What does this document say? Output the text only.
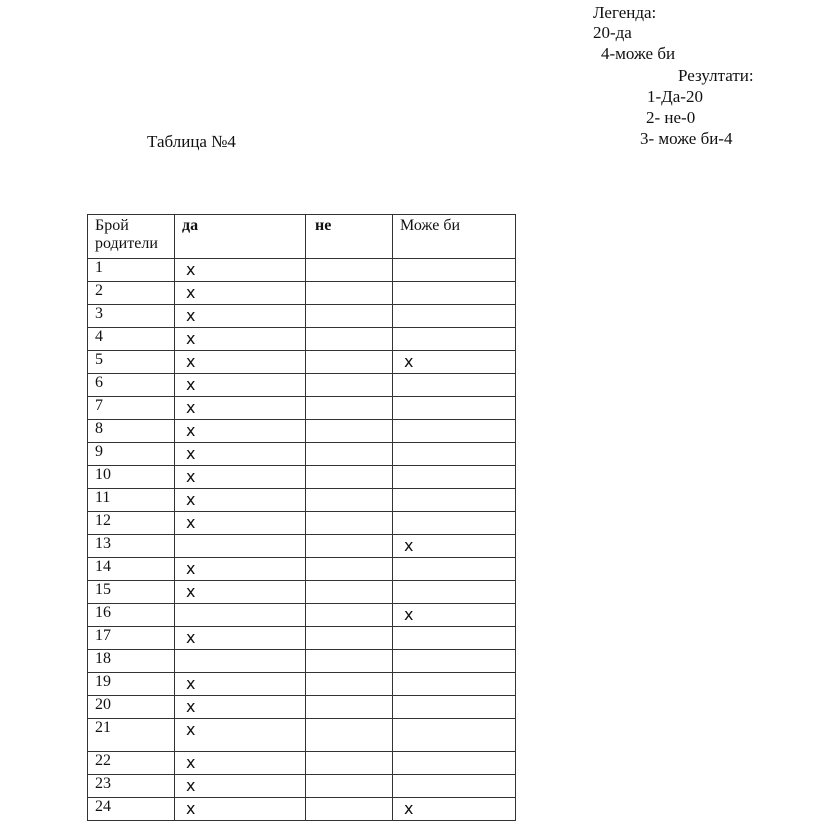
Легенда:
20-да
4-може би
Резултати:
1-Да-20
2- не-0
3- може би-4
Таблица №4
Брой родители	да	не	Може би
1	x		
2	x		
3	x		
4	x		
5	x		x
6	x		
7	x		
8	x		
9	x		
10	x		
11	x		
12	x		
13			x
14	x		
15	x		
16			x
17	x		
18			
19	x		
20	x		
21	x		
22	x		
23	x		
24	x		x
